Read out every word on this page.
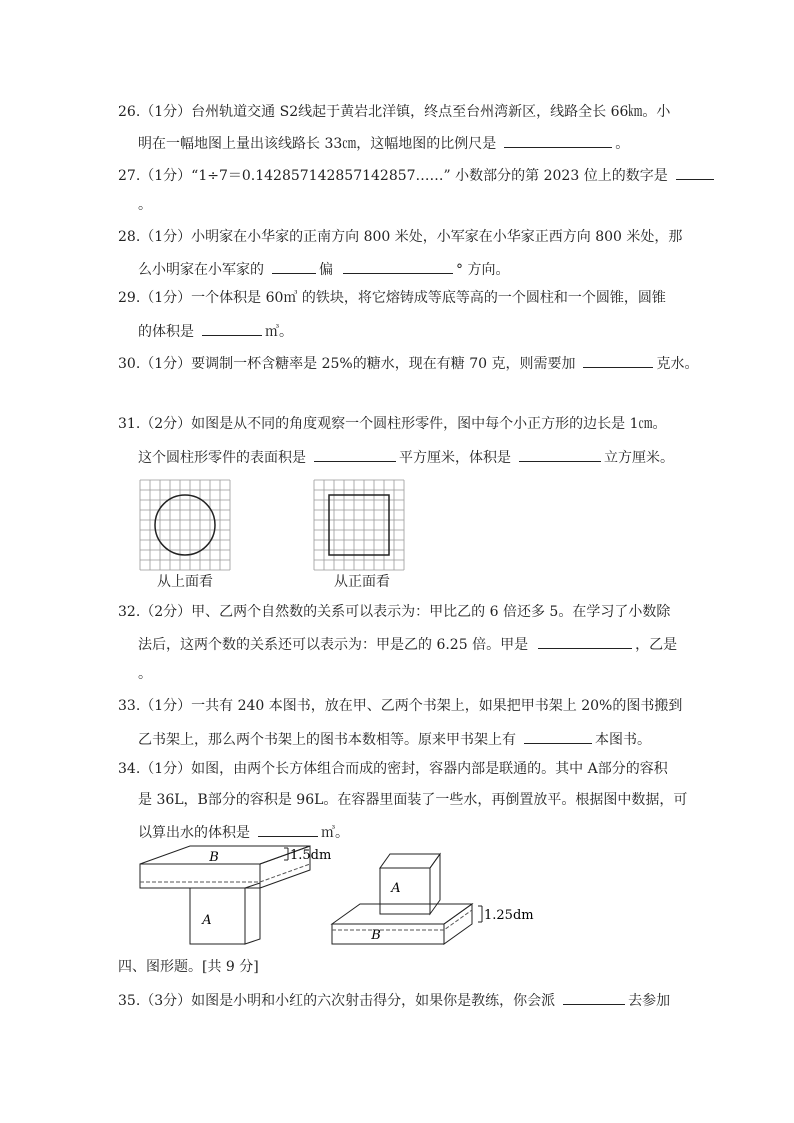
26.（1分）台州轨道交通 S2线起于黄岩北洋镇，终点至台州湾新区，线路全长 66㎞。小
明在一幅地图上量出该线路长 33㎝，这幅地图的比例尺是	。
27.（1分）“1÷7＝0.142857142857142857……” 小数部分的第 2023 位上的数字是
。
28.（1分）小明家在小华家的正南方向 800 米处，小军家在小华家正西方向 800 米处，那
么小明家在小军家的	偏	° 方向。
29.（1分）一个体积是 60㎥ 的铁块，将它熔铸成等底等高的一个圆柱和一个圆锥，圆锥
的体积是	㎥。
30.（1分）要调制一杯含糖率是 25%的糖水，现在有糖 70 克，则需要加	克水。
31.（2分）如图是从不同的角度观察一个圆柱形零件，图中每个小正方形的边长是 1㎝。
这个圆柱形零件的表面积是	平方厘米，体积是	立方厘米。
从上面看	从正面看
32.（2分）甲、乙两个自然数的关系可以表示为：甲比乙的 6 倍还多 5。在学习了小数除
法后，这两个数的关系还可以表示为：甲是乙的 6.25 倍。甲是	，乙是
。
33.（1分）一共有 240 本图书，放在甲、乙两个书架上，如果把甲书架上 20%的图书搬到
乙书架上，那么两个书架上的图书本数相等。原来甲书架上有	本图书。
34.（1分）如图，由两个长方体组合而成的密封，容器内部是联通的。其中 A部分的容积
是 36L，B部分的容积是 96L。在容器里面装了一些水，再倒置放平。根据图中数据，可
以算出水的体积是	㎥。
B
A
1.5dm
A
B
1.25dm
四、图形题。[共 9 分]
35.（3分）如图是小明和小红的六次射击得分，如果你是教练，你会派	去参加
